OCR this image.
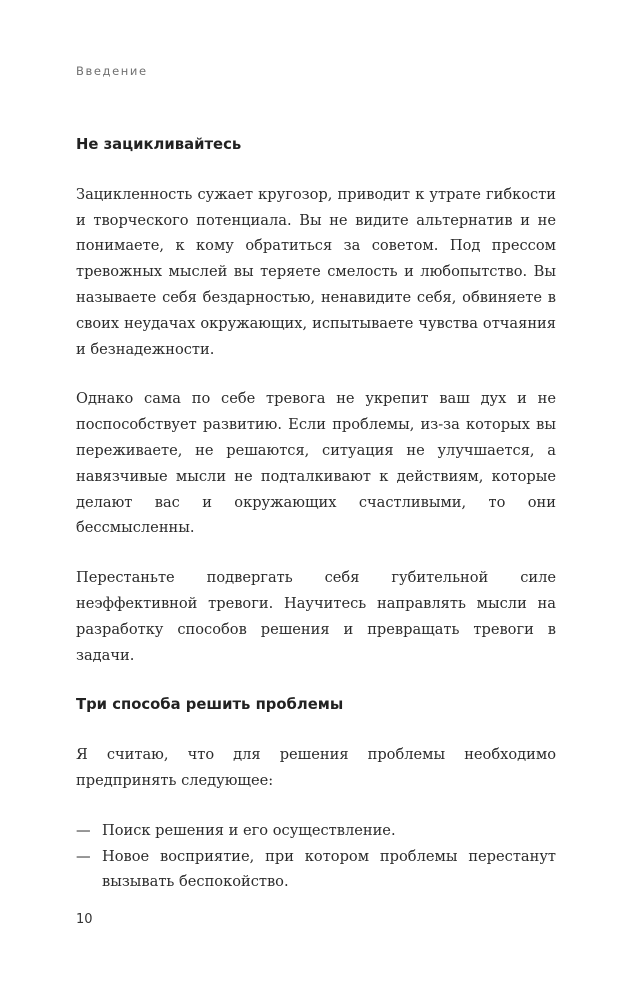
Введение
Не зацикливайтесь

Зацикленность сужает кругозор, приводит к утрате гибкости и творческого потенциала. Вы не видите альтернатив и не понимаете, к кому обратиться за советом. Под прессом тревожных мыслей вы теряете смелость и любопытство. Вы называете себя бездарностью, ненавидите себя, обвиняете в своих неудачах окружающих, испытываете чувства отчаяния и безнадежности.

Однако сама по себе тревога не укрепит ваш дух и не поспособствует развитию. Если проблемы, из-за которых вы переживаете, не решаются, ситуация не улучшается, а навязчивые мысли не подталкивают к действиям, которые делают вас и окружающих счастливыми, то они бессмысленны.

Перестаньте подвергать себя губительной силе неэффективной тревоги. Научитесь направлять мысли на разработку способов решения и превращать тревоги в задачи.

Три способа решить проблемы

Я считаю, что для решения проблемы необходимо предпринять следующее:

— Поиск решения и его осуществление.
— Новое восприятие, при котором проблемы перестанут вызывать беспокойство.
10
